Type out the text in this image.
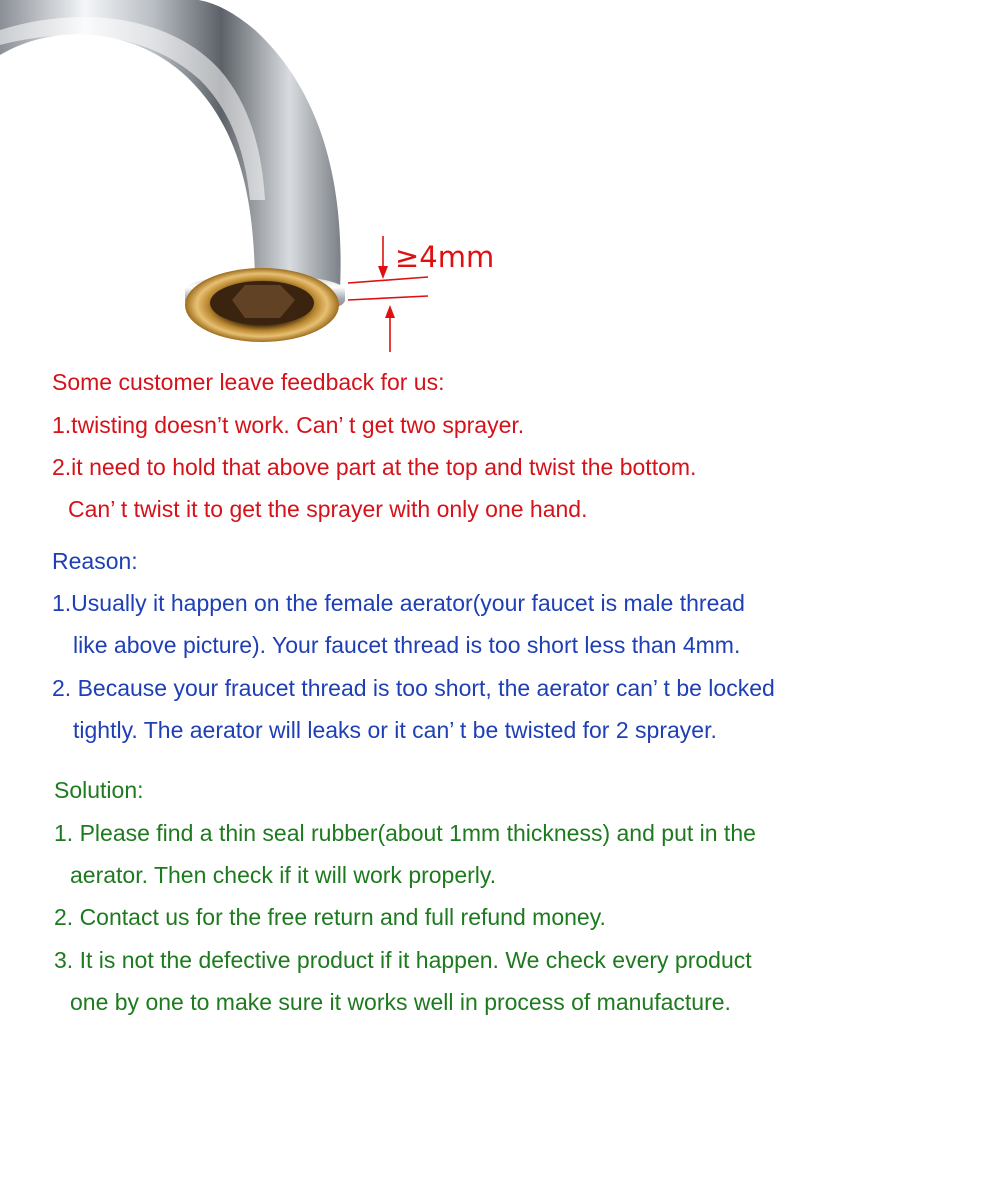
≥4mm
Some customer leave feedback for us:
1.twisting doesn’t work. Can’ t get two sprayer.
2.it need to hold that above part at the top and twist the bottom.
Can’ t twist it to get the sprayer with only one hand.
Reason:
1.Usually it happen on the female aerator(your faucet is male thread
like above picture). Your faucet thread is too short less than 4mm.
2. Because your fraucet thread is too short, the aerator can’ t be locked
tightly. The aerator will leaks or it can’ t be twisted for 2 sprayer.
Solution:
1. Please find a thin seal rubber(about 1mm thickness) and put in the
aerator. Then check if it will work properly.
2. Contact us for the free return and full refund money.
3. It is not the defective product if it happen. We check every product
one by one to make sure it works well in process of manufacture.
